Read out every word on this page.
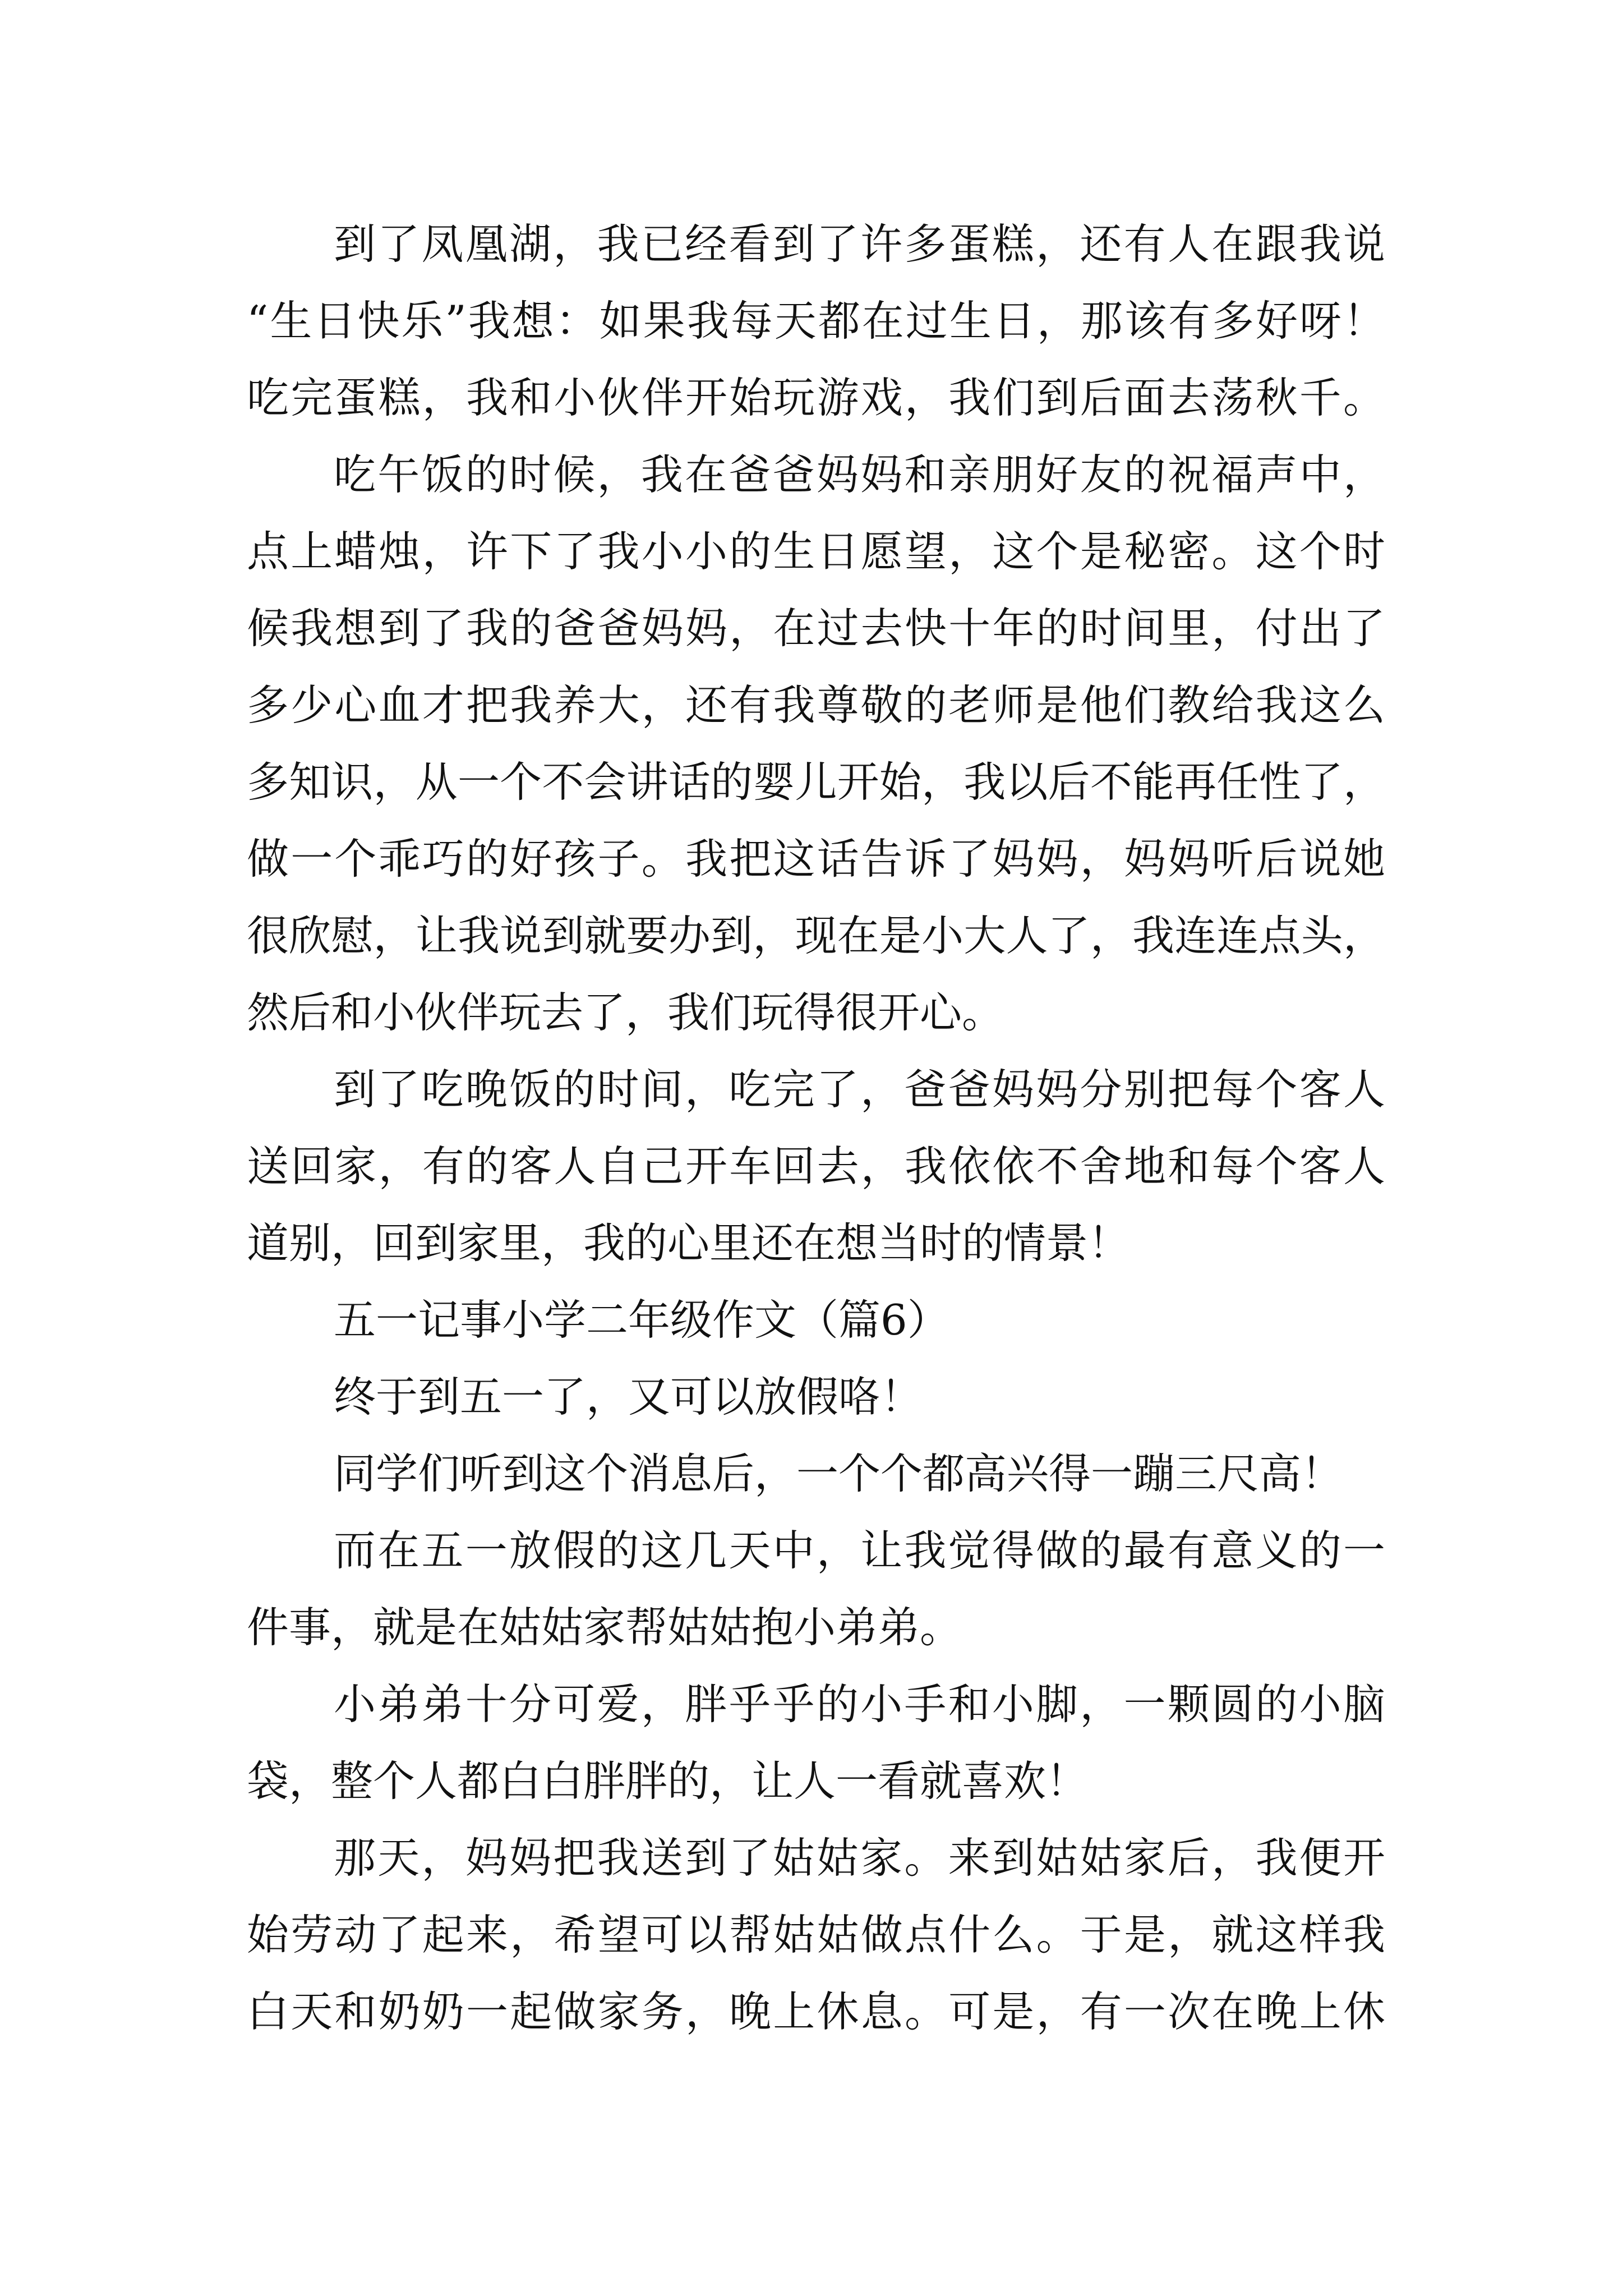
到了凤凰湖，我已经看到了许多蛋糕，还有人在跟我说
“生日快乐”我想：如果我每天都在过生日，那该有多好呀！
吃完蛋糕，我和小伙伴开始玩游戏，我们到后面去荡秋千。
吃午饭的时候，我在爸爸妈妈和亲朋好友的祝福声中，
点上蜡烛，许下了我小小的生日愿望，这个是秘密。这个时
候我想到了我的爸爸妈妈，在过去快十年的时间里，付出了
多少心血才把我养大，还有我尊敬的老师是他们教给我这么
多知识，从一个不会讲话的婴儿开始，我以后不能再任性了，
做一个乖巧的好孩子。我把这话告诉了妈妈，妈妈听后说她
很欣慰，让我说到就要办到，现在是小大人了，我连连点头，
然后和小伙伴玩去了，我们玩得很开心。
到了吃晚饭的时间，吃完了，爸爸妈妈分别把每个客人
送回家，有的客人自己开车回去，我依依不舍地和每个客人
道别，回到家里，我的心里还在想当时的情景！
五一记事小学二年级作文（篇6）
终于到五一了，又可以放假咯！
同学们听到这个消息后，一个个都高兴得一蹦三尺高！
而在五一放假的这几天中，让我觉得做的最有意义的一
件事，就是在姑姑家帮姑姑抱小弟弟。
小弟弟十分可爱，胖乎乎的小手和小脚，一颗圆的小脑
袋，整个人都白白胖胖的，让人一看就喜欢！
那天，妈妈把我送到了姑姑家。来到姑姑家后，我便开
始劳动了起来，希望可以帮姑姑做点什么。于是，就这样我
白天和奶奶一起做家务，晚上休息。可是，有一次在晚上休
